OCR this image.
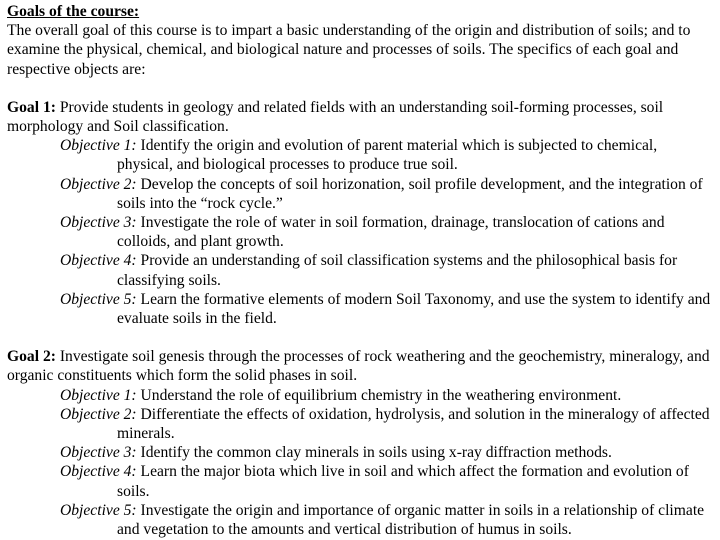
Goals of the course:

The overall goal of this course is to impart a basic understanding of the origin and distribution of soils; and to examine the physical, chemical, and biological nature and processes of soils. The specifics of each goal and respective objects are:

Goal 1: Provide students in geology and related fields with an understanding soil-forming processes, soil morphology and Soil classification.

Objective 1: Identify the origin and evolution of parent material which is subjected to chemical, physical, and biological processes to produce true soil.

Objective 2: Develop the concepts of soil horizonation, soil profile development, and the integration of soils into the “rock cycle.”

Objective 3: Investigate the role of water in soil formation, drainage, translocation of cations and colloids, and plant growth.

Objective 4: Provide an understanding of soil classification systems and the philosophical basis for classifying soils.

Objective 5: Learn the formative elements of modern Soil Taxonomy, and use the system to identify and evaluate soils in the field.

Goal 2: Investigate soil genesis through the processes of rock weathering and the geochemistry, mineralogy, and organic constituents which form the solid phases in soil.

Objective 1: Understand the role of equilibrium chemistry in the weathering environment.

Objective 2: Differentiate the effects of oxidation, hydrolysis, and solution in the mineralogy of affected minerals.

Objective 3: Identify the common clay minerals in soils using x-ray diffraction methods.

Objective 4: Learn the major biota which live in soil and which affect the formation and evolution of soils.

Objective 5: Investigate the origin and importance of organic matter in soils in a relationship of climate and vegetation to the amounts and vertical distribution of humus in soils.
